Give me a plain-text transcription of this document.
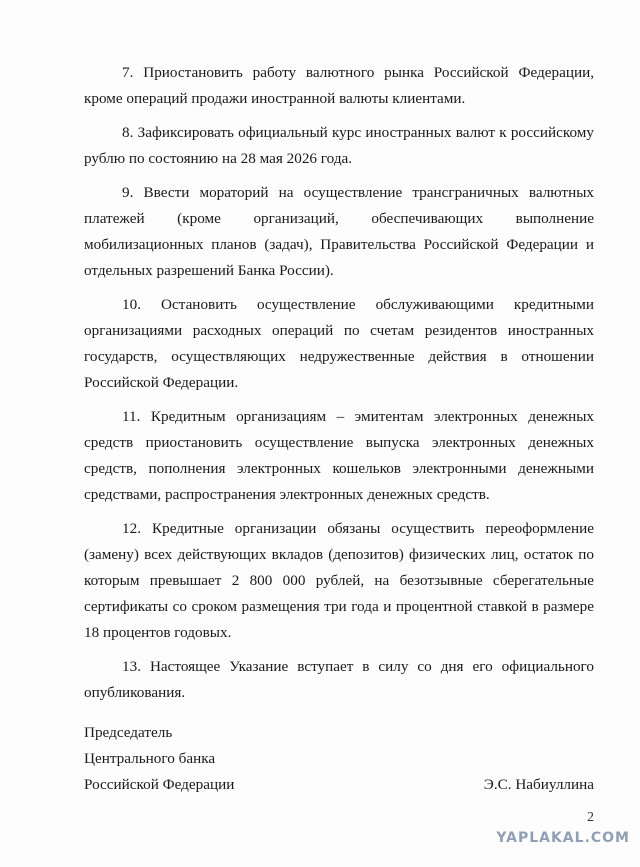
7. Приостановить работу валютного рынка Российской Федерации, кроме операций продажи иностранной валюты клиентами.

8. Зафиксировать официальный курс иностранных валют к российскому рублю по состоянию на 28 мая 2026 года.

9. Ввести мораторий на осуществление трансграничных валютных платежей (кроме организаций, обеспечивающих выполнение мобилизационных планов (задач), Правительства Российской Федерации и отдельных разрешений Банка России).

10. Остановить осуществление обслуживающими кредитными организациями расходных операций по счетам резидентов иностранных государств, осуществляющих недружественные действия в отношении Российской Федерации.

11. Кредитным организациям – эмитентам электронных денежных средств приостановить осуществление выпуска электронных денежных средств, пополнения электронных кошельков электронными денежными средствами, распространения электронных денежных средств.

12. Кредитные организации обязаны осуществить переоформление (замену) всех действующих вкладов (депозитов) физических лиц, остаток по которым превышает 2 800 000 рублей, на безотзывные сберегательные сертификаты со сроком размещения три года и процентной ставкой в размере 18 процентов годовых.

13. Настоящее Указание вступает в силу со дня его официального опубликования.

Председатель
Центрального банка
Российской Федерации	Э.С. Набиуллина
2
YAPLAKAL.COM
